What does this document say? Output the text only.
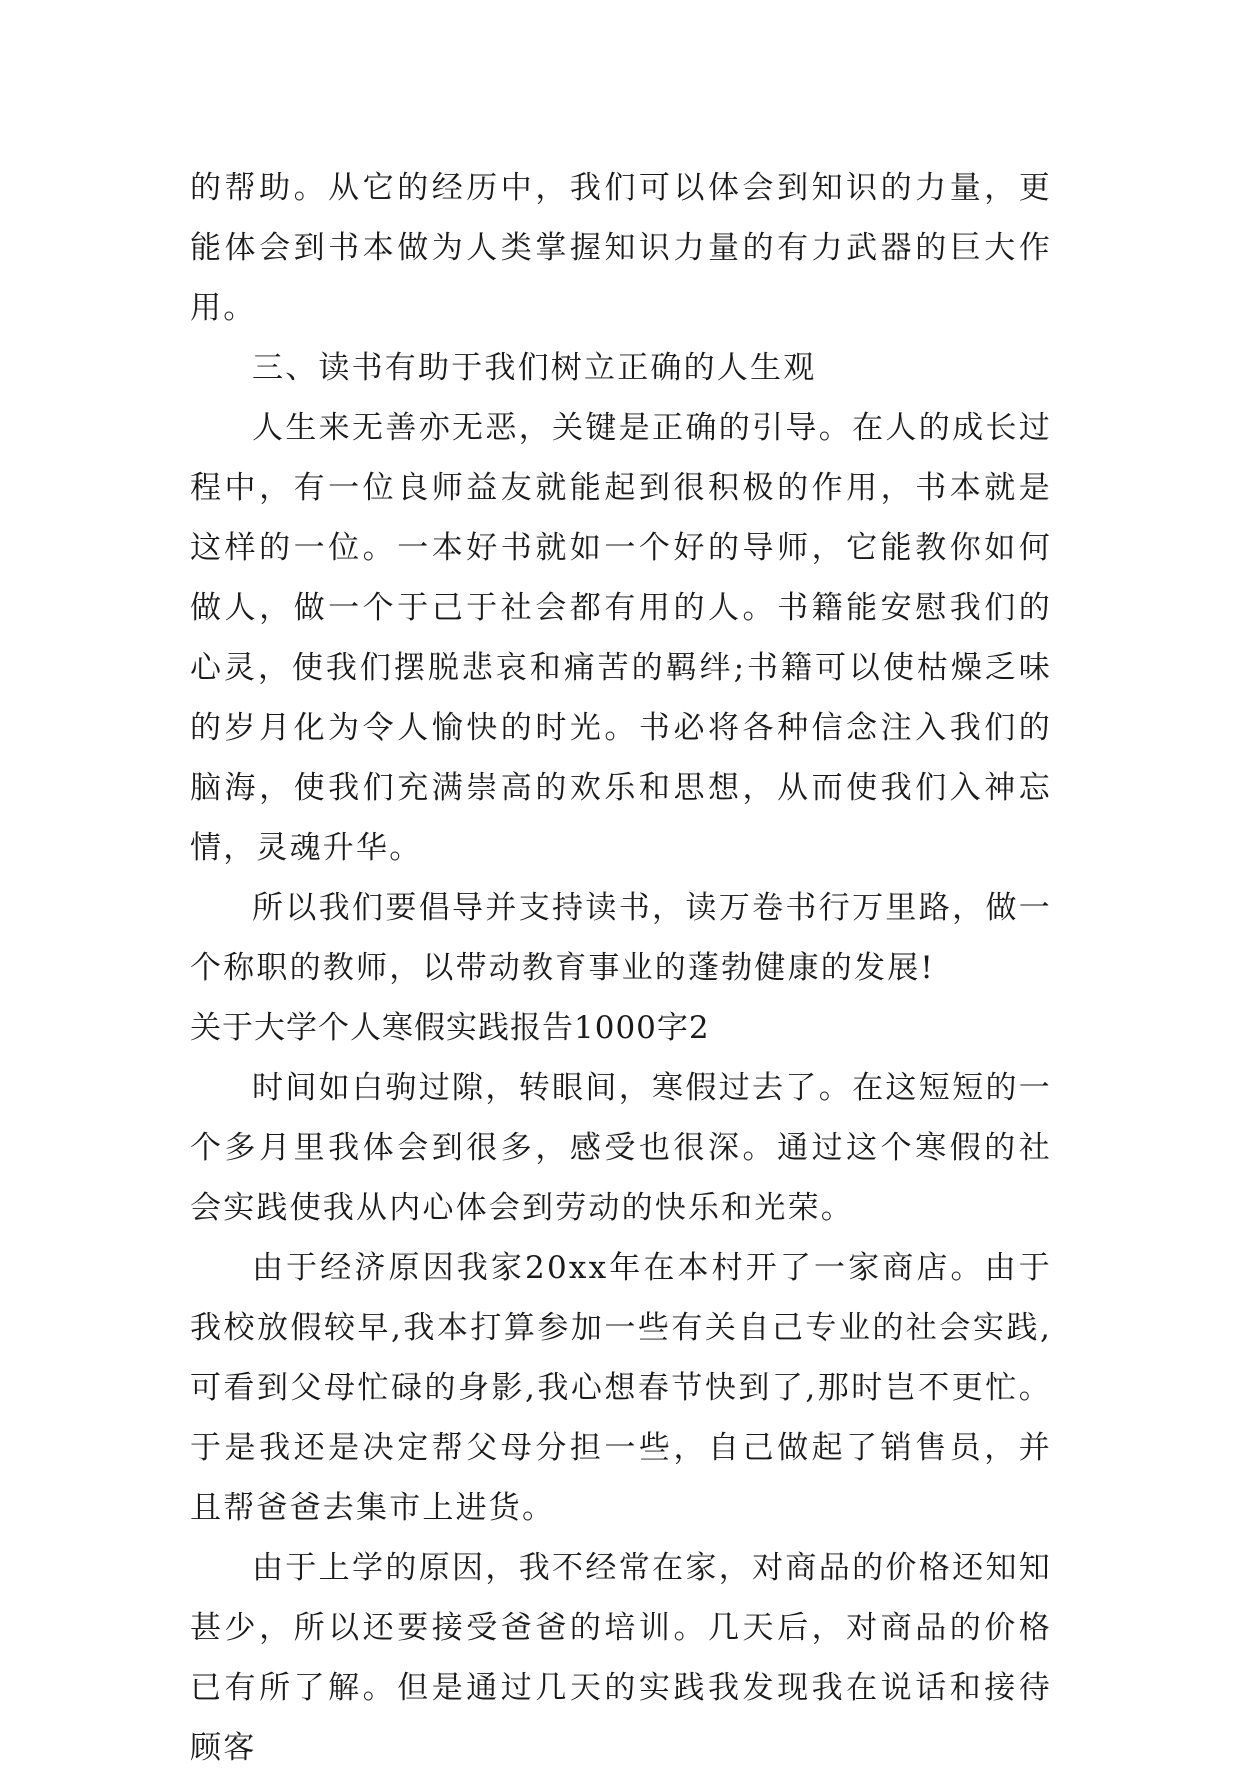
的帮助。从它的经历中，我们可以体会到知识的力量，更能体会到书本做为人类掌握知识力量的有力武器的巨大作用。

三、读书有助于我们树立正确的人生观

人生来无善亦无恶，关键是正确的引导。在人的成长过程中，有一位良师益友就能起到很积极的作用，书本就是这样的一位。一本好书就如一个好的导师，它能教你如何做人，做一个于己于社会都有用的人。书籍能安慰我们的心灵，使我们摆脱悲哀和痛苦的羁绊;书籍可以使枯燥乏味的岁月化为令人愉快的时光。书必将各种信念注入我们的脑海，使我们充满崇高的欢乐和思想，从而使我们入神忘情，灵魂升华。

所以我们要倡导并支持读书，读万卷书行万里路，做一个称职的教师，以带动教育事业的蓬勃健康的发展!

关于大学个人寒假实践报告1000字2

时间如白驹过隙，转眼间，寒假过去了。在这短短的一个多月里我体会到很多，感受也很深。通过这个寒假的社会实践使我从内心体会到劳动的快乐和光荣。

由于经济原因我家20xx年在本村开了一家商店。由于我校放假较早,我本打算参加一些有关自己专业的社会实践,可看到父母忙碌的身影,我心想春节快到了,那时岂不更忙。于是我还是决定帮父母分担一些，自己做起了销售员，并且帮爸爸去集市上进货。

由于上学的原因，我不经常在家，对商品的价格还知知甚少，所以还要接受爸爸的培训。几天后，对商品的价格已有所了解。但是通过几天的实践我发现我在说话和接待顾客
